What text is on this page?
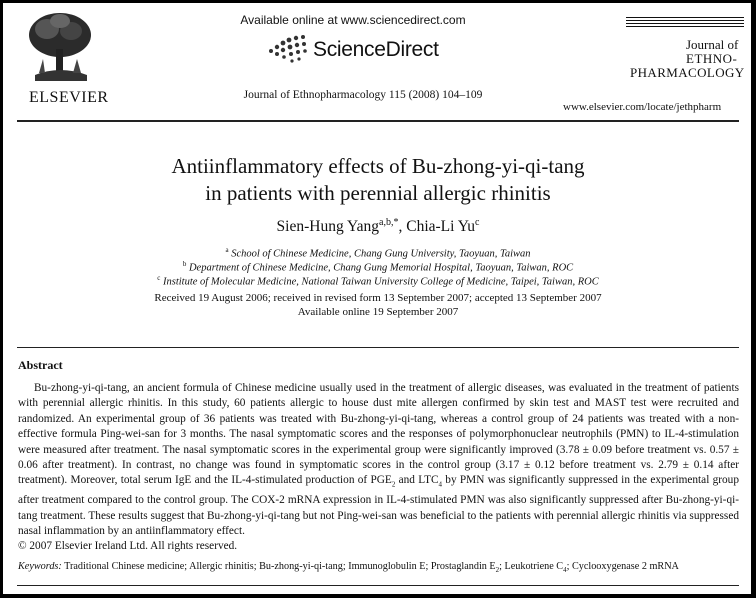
ELSEVIER
Available online at www.sciencedirect.com
ScienceDirect
Journal of Ethnopharmacology 115 (2008) 104–109
Journal of
ETHNO-
PHARMACOLOGY
www.elsevier.com/locate/jethpharm
Antiinflammatory effects of Bu-zhong-yi-qi-tang
in patients with perennial allergic rhinitis
Sien-Hung Yang$^{a,b,*}$, Chia-Li Yu$^c$
$^a$ School of Chinese Medicine, Chang Gung University, Taoyuan, Taiwan
$^b$ Department of Chinese Medicine, Chang Gung Memorial Hospital, Taoyuan, Taiwan, ROC
$^c$ Institute of Molecular Medicine, National Taiwan University College of Medicine, Taipei, Taiwan, ROC
Received 19 August 2006; received in revised form 13 September 2007; accepted 13 September 2007
Available online 19 September 2007
Abstract

Bu-zhong-yi-qi-tang, an ancient formula of Chinese medicine usually used in the treatment of allergic diseases, was evaluated in the treatment of patients with perennial allergic rhinitis. In this study, 60 patients allergic to house dust mite allergen confirmed by skin test and MAST test were recruited and randomized. An experimental group of 36 patients was treated with Bu-zhong-yi-qi-tang, whereas a control group of 24 patients was treated with a non-effective formula Ping-wei-san for 3 months. The nasal symptomatic scores and the responses of polymorphonuclear neutrophils (PMN) to IL-4-stimulation were measured after treatment. The nasal symptomatic scores in the experimental group were significantly improved (3.78 ± 0.09 before treatment vs. 0.57 ± 0.06 after treatment). In contrast, no change was found in symptomatic scores in the control group (3.17 ± 0.12 before treatment vs. 2.79 ± 0.14 after treatment). Moreover, total serum IgE and the IL-4-stimulated production of $PGE_2$ and $LTC_4$ by PMN was significantly suppressed in the experimental group after treatment compared to the control group. The COX-2 mRNA expression in IL-4-stimulated PMN was also significantly suppressed after Bu-zhong-yi-qi-tang treatment. These results suggest that Bu-zhong-yi-qi-tang but not Ping-wei-san was beneficial to the patients with perennial allergic rhinitis via suppressed nasal inflammation by an antiinflammatory effect.

© 2007 Elsevier Ireland Ltd. All rights reserved.

Keywords: Traditional Chinese medicine; Allergic rhinitis; Bu-zhong-yi-qi-tang; Immunoglobulin E; Prostaglandin $E_2$; Leukotriene $C_4$; Cyclooxygenase 2 mRNA
